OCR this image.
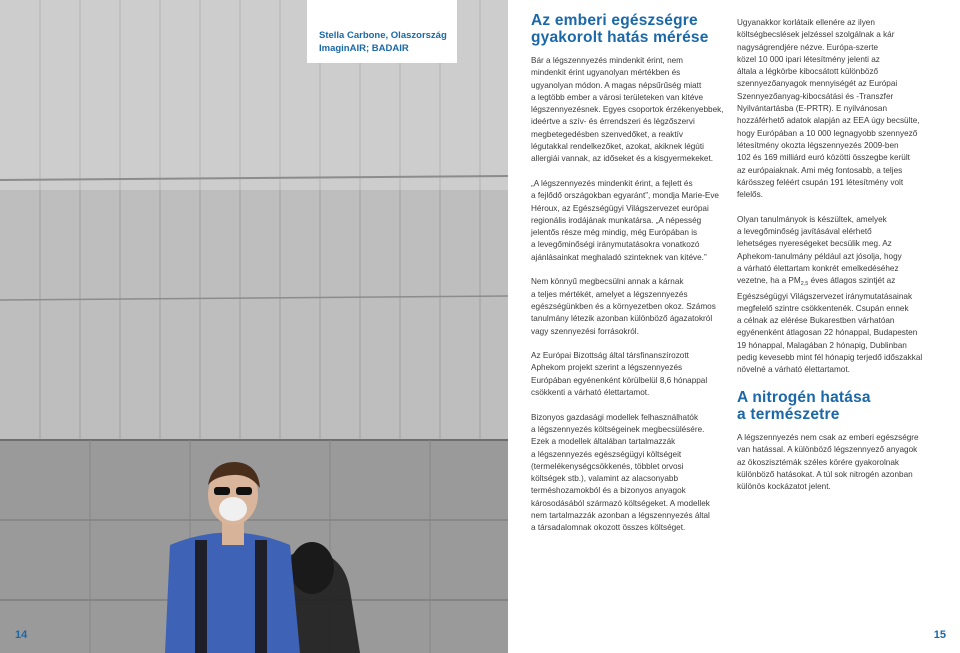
Stella Carbone, Olaszország

ImaginAIR; BADAIR

14	15
Az emberi egészségre
gyakorolt hatás mérése

Bár a légszennyezés mindenkit érint, nem
mindenkit érint ugyanolyan mértékben és
ugyanolyan módon. A magas népsűrűség miatt
a legtöbb ember a városi területeken van kitéve
légszennyezésnek. Egyes csoportok érzékenyebbek,
ideértve a szív- és érrendszeri és légzőszervi
megbetegedésben szenvedőket, a reaktív
légutakkal rendelkezőket, azokat, akiknek légúti
allergiái vannak, az időseket és a kisgyermekeket.

„A légszennyezés mindenkit érint, a fejlett és
a fejlődő országokban egyaránt”, mondja Marie-Eve
Héroux, az Egészségügyi Világszervezet európai
regionális irodájának munkatársa. „A népesség
jelentős része még mindig, még Európában is
a levegőminőségi iránymutatásokra vonatkozó
ajánlásainkat meghaladó szinteknek van kitéve.”

Nem könnyű megbecsülni annak a kárnak
a teljes mértékét, amelyet a légszennyezés
egészségünkben és a környezetben okoz. Számos
tanulmány létezik azonban különböző ágazatokról
vagy szennyezési forrásokról.

Az Európai Bizottság által társfinanszírozott
Aphekom projekt szerint a légszennyezés
Európában egyénenként körülbelül 8,6 hónappal
csökkenti a várható élettartamot.

Bizonyos gazdasági modellek felhasználhatók
a légszennyezés költségeinek megbecsülésére.
Ezek a modellek általában tartalmazzák
a légszennyezés egészségügyi költségeit
(termelékenységcsökkenés, többlet orvosi
költségek stb.), valamint az alacsonyabb
terméshozamokból és a bizonyos anyagok
károsodásából származó költségeket. A modellek
nem tartalmazzák azonban a légszennyezés által
a társadalomnak okozott összes költséget.

Ugyanakkor korlátaik ellenére az ilyen
költségbecslések jelzéssel szolgálnak a kár
nagyságrendjére nézve. Európa-szerte
közel 10 000 ipari létesítmény jelenti az
általa a légkörbe kibocsátott különböző
szennyezőanyagok mennyiségét az Európai
Szennyezőanyag-kibocsátási és -Transzfer
Nyilvántartásba (E-PRTR). E nyilvánosan
hozzáférhető adatok alapján az EEA úgy becsülte,
hogy Európában a 10 000 legnagyobb szennyező
létesítmény okozta légszennyezés 2009-ben
102 és 169 milliárd euró közötti összegbe került
az európaiaknak. Ami még fontosabb, a teljes
kárösszeg feléért csupán 191 létesítmény volt
felelős.

Olyan tanulmányok is készültek, amelyek
a levegőminőség javításával elérhető
lehetséges nyereségeket becsülik meg. Az
Aphekom-tanulmány például azt jósolja, hogy
a várható élettartam konkrét emelkedéséhez
vezetne, ha a $PM_{2,5}$ éves átlagos szintjét az
Egészségügyi Világszervezet iránymutatásainak
megfelelő szintre csökkentenék. Csupán ennek
a célnak az elérése Bukarestben várhatóan
egyénenként átlagosan 22 hónappal, Budapesten
19 hónappal, Malagában 2 hónapig, Dublinban
pedig kevesebb mint fél hónapig terjedő időszakkal
növelné a várható élettartamot.

A nitrogén hatása
a természetre

A légszennyezés nem csak az emberi egészségre
van hatással. A különböző légszennyező anyagok
az ökoszisztémák széles körére gyakorolnak
különböző hatásokat. A túl sok nitrogén azonban
különös kockázatot jelent.
